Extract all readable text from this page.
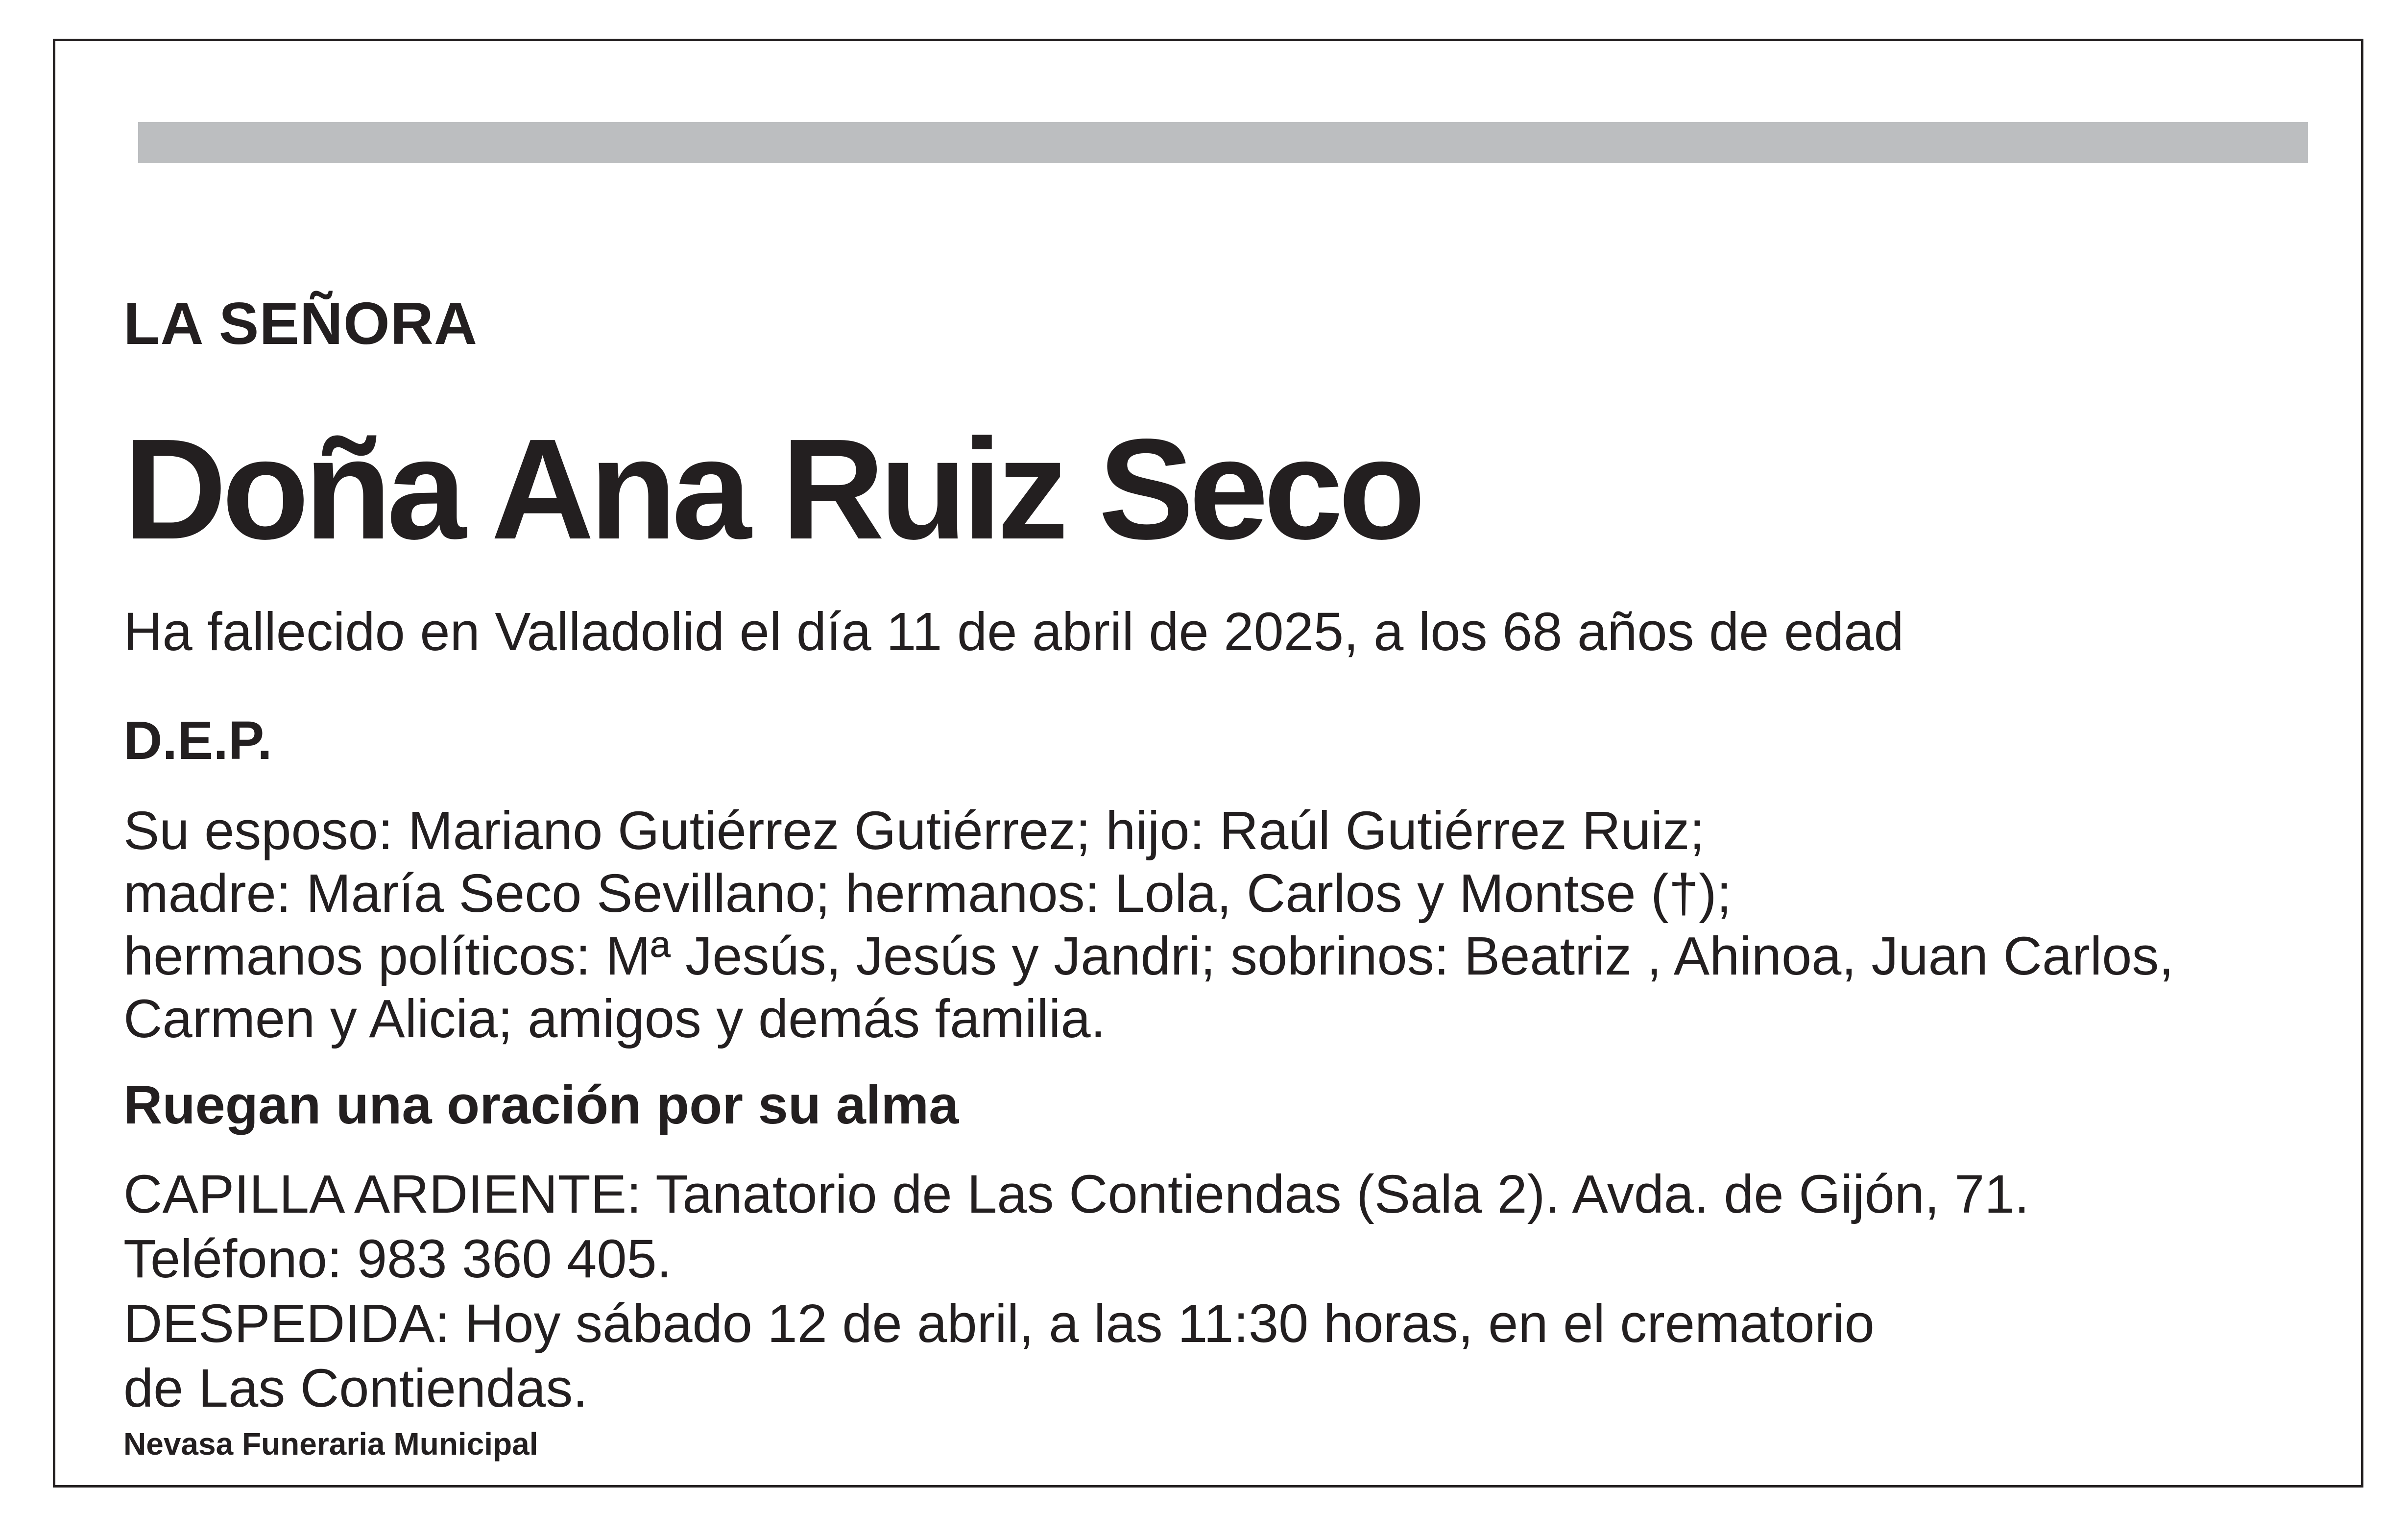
LA SEÑORA

Doña Ana Ruiz Seco

Ha fallecido en Valladolid el día 11 de abril de 2025, a los 68 años de edad

D.E.P.

Su esposo: Mariano Gutiérrez Gutiérrez; hijo: Raúl Gutiérrez Ruiz;
madre: María Seco Sevillano; hermanos: Lola, Carlos y Montse (†);
hermanos políticos: Mª Jesús, Jesús y Jandri; sobrinos: Beatriz , Ahinoa, Juan Carlos,
Carmen y Alicia; amigos y demás familia.

Ruegan una oración por su alma

CAPILLA ARDIENTE: Tanatorio de Las Contiendas (Sala 2). Avda. de Gijón, 71.
Teléfono: 983 360 405.
DESPEDIDA: Hoy sábado 12 de abril, a las 11:30 horas, en el crematorio
de Las Contiendas.

Nevasa Funeraria Municipal
